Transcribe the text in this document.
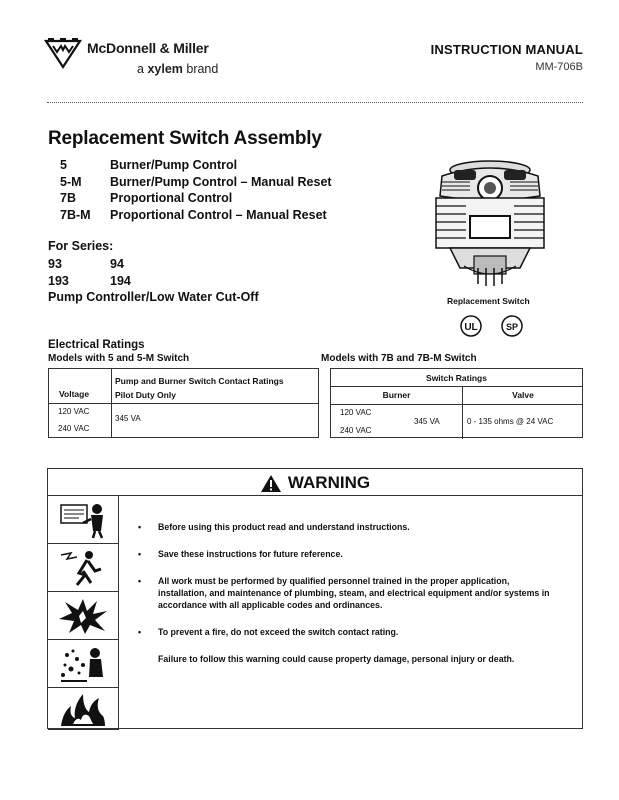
McDonnell & Miller
a xylem brand
INSTRUCTION MANUAL
MM-706B
Replacement Switch Assembly
5	Burner/Pump Control
5-M	Burner/Pump Control – Manual Reset
7B	Proportional Control
7B-M	Proportional Control – Manual Reset
For Series:
93	94
193	194
Pump Controller/Low Water Cut-Off	Replacement Switch
UL	SP
Electrical Ratings
Models with 5 and 5-M Switch	Models with 7B and 7B-M Switch
Voltage
Pump and Burner Switch Contact Ratings
Pilot Duty Only
120 VAC
240 VAC
345 VA
Switch Ratings
Burner	Valve
120 VAC
240 VAC
345 VA	0 - 135 ohms @ 24 VAC
WARNING
•	Before using this product read and understand instructions.
•	Save these instructions for future reference.
•	All work must be performed by qualified personnel trained in the proper application, installation, and maintenance of plumbing, steam, and electrical equipment and/or systems in accordance with all applicable codes and ordinances.
•	To prevent a fire, do not exceed the switch contact rating.
Failure to follow this warning could cause property damage, personal injury or death.
